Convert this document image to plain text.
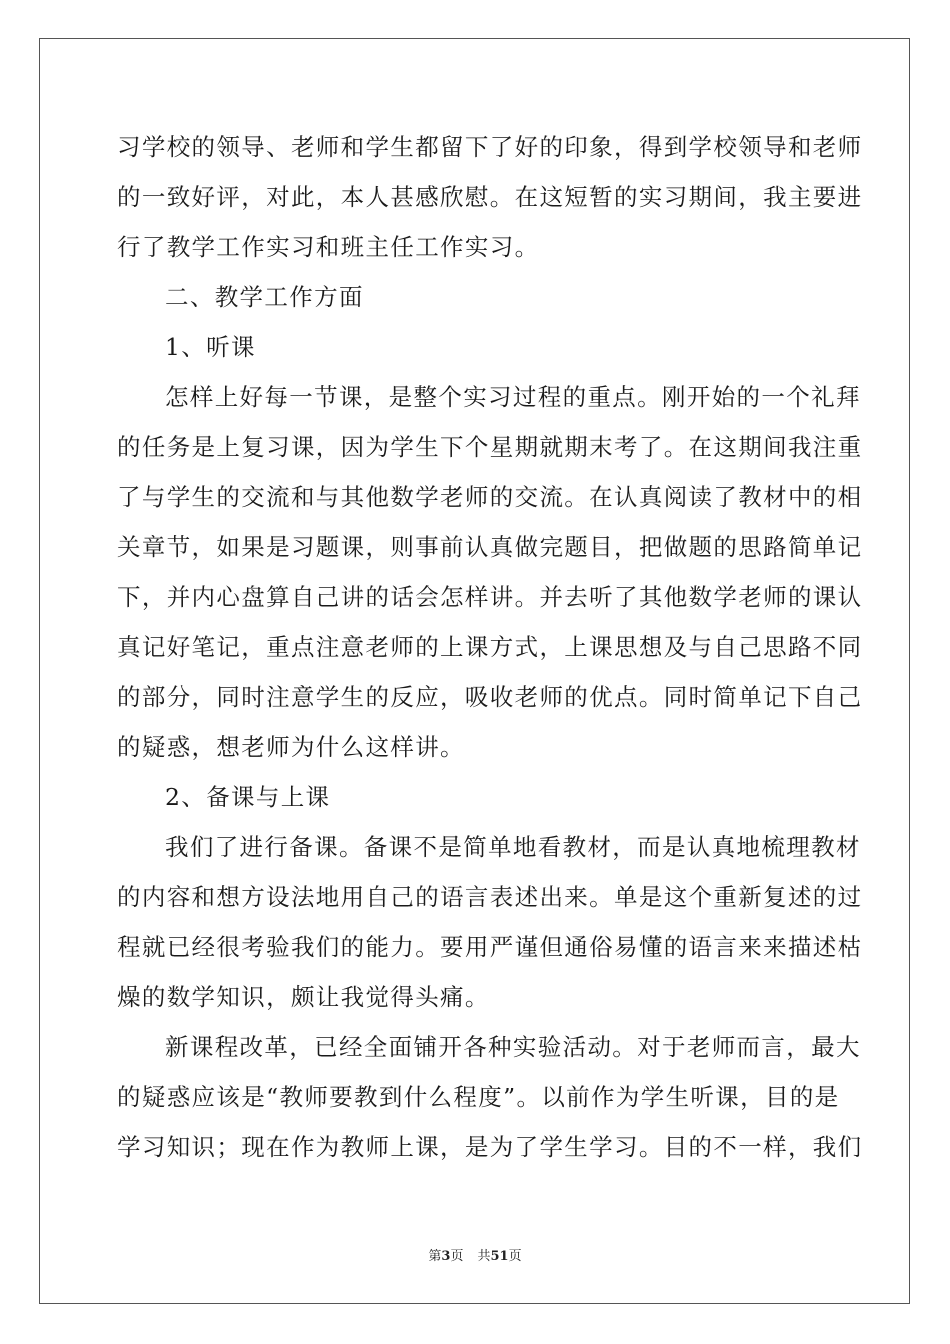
习学校的领导、老师和学生都留下了好的印象，得到学校领导和老师
的一致好评，对此，本人甚感欣慰。在这短暂的实习期间，我主要进
行了教学工作实习和班主任工作实习。
二、教学工作方面
1、听课
怎样上好每一节课，是整个实习过程的重点。刚开始的一个礼拜
的任务是上复习课，因为学生下个星期就期末考了。在这期间我注重
了与学生的交流和与其他数学老师的交流。在认真阅读了教材中的相
关章节，如果是习题课，则事前认真做完题目，把做题的思路简单记
下，并内心盘算自己讲的话会怎样讲。并去听了其他数学老师的课认
真记好笔记，重点注意老师的上课方式，上课思想及与自己思路不同
的部分，同时注意学生的反应，吸收老师的优点。同时简单记下自己
的疑惑，想老师为什么这样讲。
2、备课与上课
我们了进行备课。备课不是简单地看教材，而是认真地梳理教材
的内容和想方设法地用自己的语言表述出来。单是这个重新复述的过
程就已经很考验我们的能力。要用严谨但通俗易懂的语言来来描述枯
燥的数学知识，颇让我觉得头痛。
新课程改革，已经全面铺开各种实验活动。对于老师而言，最大
的疑惑应该是“教师要教到什么程度”。以前作为学生听课，目的是
学习知识；现在作为教师上课，是为了学生学习。目的不一样，我们
第3页 共51页
